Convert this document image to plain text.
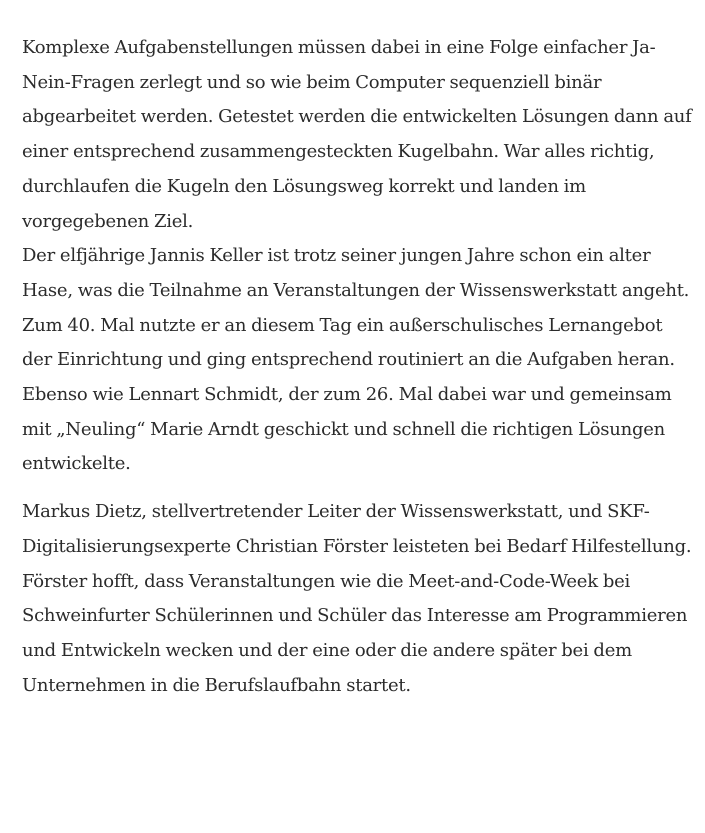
Komplexe Aufgabenstellungen müssen dabei in eine Folge einfacher Ja-Nein-Fragen zerlegt und so wie beim Computer sequenziell binär abgearbeitet werden. Getestet werden die entwickelten Lösungen dann auf einer entsprechend zusammengesteckten Kugelbahn. War alles richtig, durchlaufen die Kugeln den Lösungsweg korrekt und landen im vorgegebenen Ziel.

Der elfjährige Jannis Keller ist trotz seiner jungen Jahre schon ein alter Hase, was die Teilnahme an Veranstaltungen der Wissenswerkstatt angeht. Zum 40. Mal nutzte er an diesem Tag ein außerschulisches Lernangebot der Einrichtung und ging entsprechend routiniert an die Aufgaben heran. Ebenso wie Lennart Schmidt, der zum 26. Mal dabei war und gemeinsam mit „Neuling“ Marie Arndt geschickt und schnell die richtigen Lösungen entwickelte.

Markus Dietz, stellvertretender Leiter der Wissenswerkstatt, und SKF-Digitalisierungsexperte Christian Förster leisteten bei Bedarf Hilfestellung. Förster hofft, dass Veranstaltungen wie die Meet-and-Code-Week bei Schweinfurter Schülerinnen und Schüler das Interesse am Programmieren und Entwickeln wecken und der eine oder die andere später bei dem Unternehmen in die Berufslaufbahn startet.
